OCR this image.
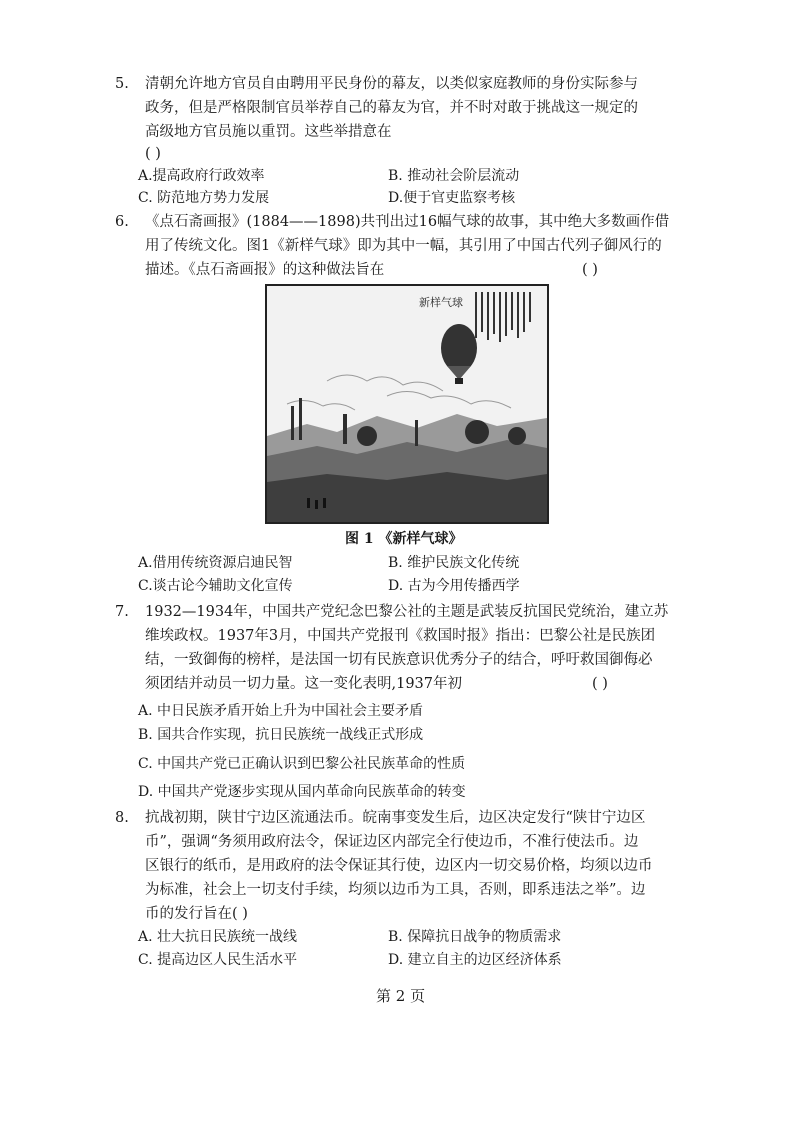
5. 清朝允许地方官员自由聘用平民身份的幕友，以类似家庭教师的身份实际参与
政务，但是严格限制官员举荐自己的幕友为官，并不时对敢于挑战这一规定的
高级地方官员施以重罚。这些举措意在
( )
A.提高政府行政效率	B. 推动社会阶层流动
C. 防范地方势力发展	D.便于官吏监察考核
6. 《点石斋画报》(1884——1898)共刊出过16幅气球的故事，其中绝大多数画作借
用了传统文化。图1《新样气球》即为其中一幅，其引用了中国古代列子御风行的
描述。《点石斋画报》的这种做法旨在	( )
新样气球
图 1 《新样气球》
A.借用传统资源启迪民智	B. 维护民族文化传统
C.谈古论今辅助文化宣传	D. 古为今用传播西学
7. 1932—1934年，中国共产党纪念巴黎公社的主题是武装反抗国民党统治，建立苏
维埃政权。1937年3月，中国共产党报刊《救国时报》指出：巴黎公社是民族团
结，一致御侮的榜样，是法国一切有民族意识优秀分子的结合，呼吁救国御侮必
须团结并动员一切力量。这一变化表明,1937年初	( )
A. 中日民族矛盾开始上升为中国社会主要矛盾
B. 国共合作实现，抗日民族统一战线正式形成
C. 中国共产党已正确认识到巴黎公社民族革命的性质
D. 中国共产党逐步实现从国内革命向民族革命的转变
8. 抗战初期，陕甘宁边区流通法币。皖南事变发生后，边区决定发行“陕甘宁边区
币”，强调“务须用政府法令，保证边区内部完全行使边币，不准行使法币。边
区银行的纸币，是用政府的法令保证其行使，边区内一切交易价格，均须以边币
为标准，社会上一切支付手续，均须以边币为工具，否则，即系违法之举”。边
币的发行旨在( )
A. 壮大抗日民族统一战线	B. 保障抗日战争的物质需求
C. 提高边区人民生活水平	D. 建立自主的边区经济体系
第 2 页
